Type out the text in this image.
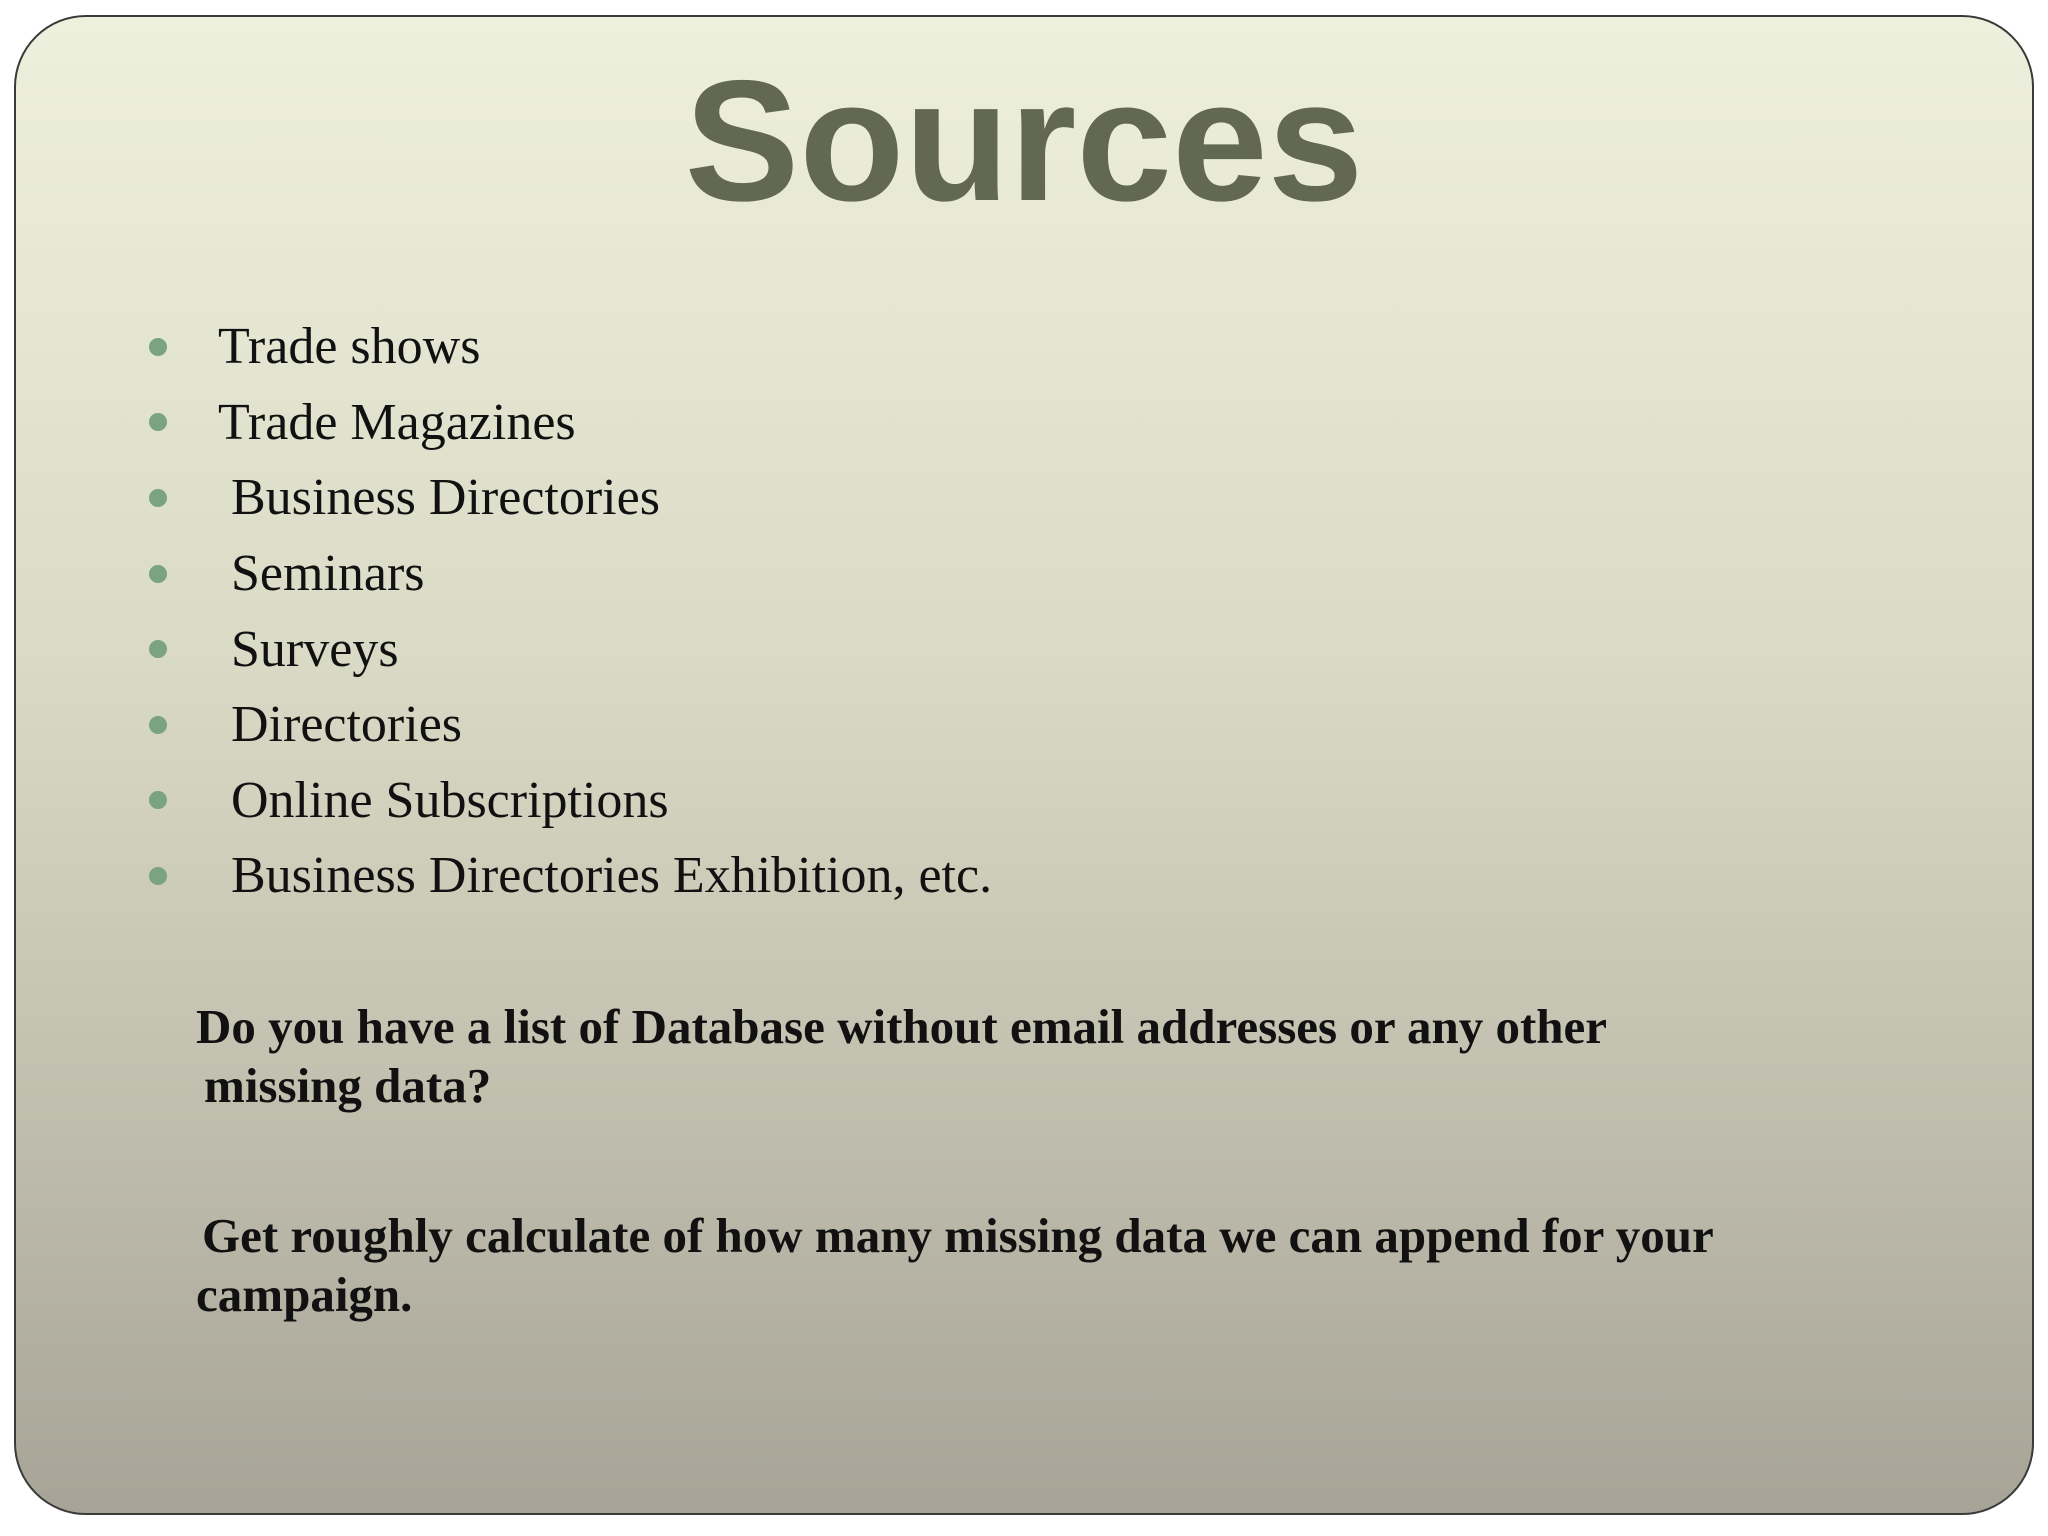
Sources
Trade shows
Trade Magazines
Business Directories
Seminars
Surveys
Directories
Online Subscriptions
Business Directories Exhibition, etc.

Do you have a list of Database without email addresses or any other
missing data?

Get roughly calculate of how many missing data we can append for your
campaign.
